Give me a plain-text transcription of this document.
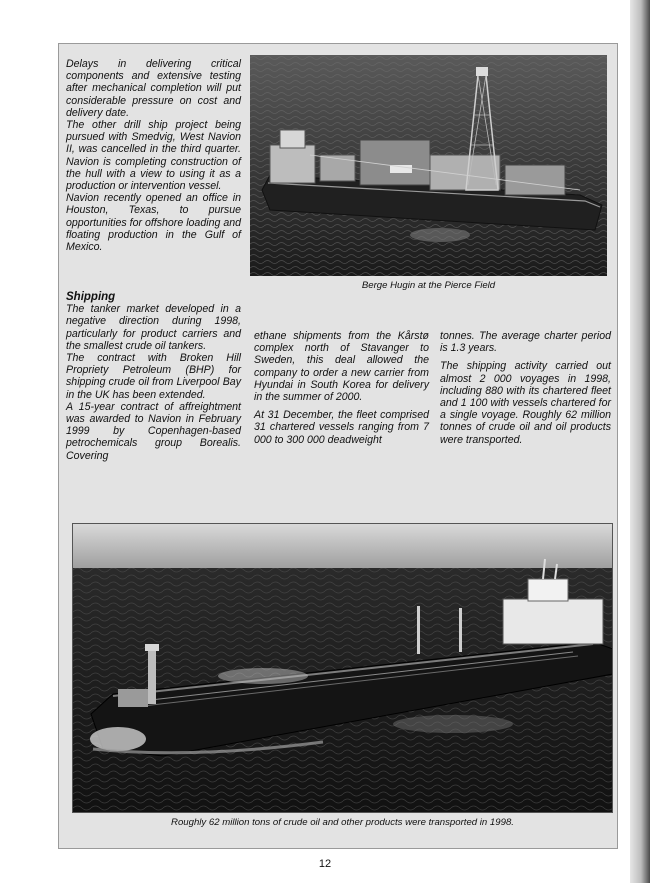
Delays in delivering critical components and extensive testing after mechanical completion will put considerable pressure on cost and delivery date.

The other drill ship project being pursued with Smedvig, West Navion II, was cancelled in the third quarter. Navion is completing construction of the hull with a view to using it as a production or intervention vessel.

Navion recently opened an office in Houston, Texas, to pursue opportunities for offshore loading and floating production in the Gulf of Mexico.

Berge Hugin at the Pierce Field

Shipping

The tanker market developed in a negative direction during 1998, particularly for product carriers and the smallest crude oil tankers.

The contract with Broken Hill Propriety Petroleum (BHP) for shipping crude oil from Liverpool Bay in the UK has been extended.

A 15-year contract of affreightment was awarded to Navion in February 1999 by Copenhagen-based petrochemicals group Borealis. Covering

ethane shipments from the Kårstø complex north of Stavanger to Sweden, this deal allowed the company to order a new carrier from Hyundai in South Korea for delivery in the summer of 2000.

At 31 December, the fleet comprised 31 chartered vessels ranging from 7 000 to 300 000 deadweight

tonnes. The average charter period is 1.3 years.

The shipping activity carried out almost 2 000 voyages in 1998, including 880 with its chartered fleet and 1 100 with vessels chartered for a single voyage. Roughly 62 million tonnes of crude oil and oil products were transported.

Roughly 62 million tons of crude oil and other products were transported in 1998.
12
